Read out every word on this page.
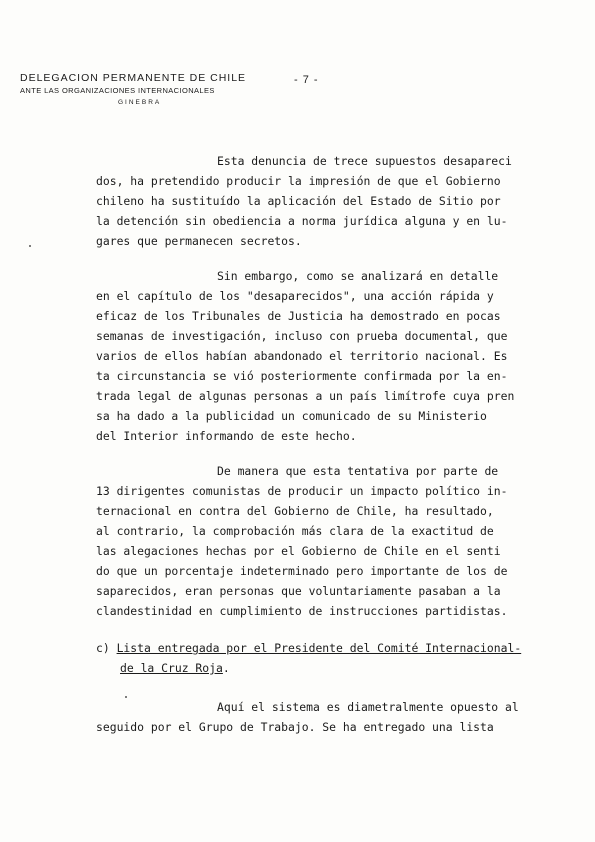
DELEGACION PERMANENTE DE CHILE
ANTE LAS ORGANIZACIONES INTERNACIONALES
GINEBRA
- 7 -
Esta denuncia de trece supuestos desapareci
dos, ha pretendido producir la impresión de que el Gobierno
chileno ha sustituído la aplicación del Estado de Sitio por
la detención sin obediencia a norma jurídica alguna y en lu-
gares que permanecen secretos.
Sin embargo, como se analizará en detalle
en el capítulo de los "desaparecidos", una acción rápida y
eficaz de los Tribunales de Justicia ha demostrado en pocas
semanas de investigación, incluso con prueba documental, que
varios de ellos habían abandonado el territorio nacional. Es
ta circunstancia se vió posteriormente confirmada por la en-
trada legal de algunas personas a un país limítrofe cuya pren
sa ha dado a la publicidad un comunicado de su Ministerio
del Interior informando de este hecho.
De manera que esta tentativa por parte de
13 dirigentes comunistas de producir un impacto político in-
ternacional en contra del Gobierno de Chile, ha resultado,
al contrario, la comprobación más clara de la exactitud de
las alegaciones hechas por el Gobierno de Chile en el senti
do que un porcentaje indeterminado pero importante de los de
saparecidos, eran personas que voluntariamente pasaban a la
clandestinidad en cumplimiento de instrucciones partidistas.
c) Lista entregada por el Presidente del Comité Internacional-
de la Cruz Roja.
Aquí el sistema es diametralmente opuesto al
seguido por el Grupo de Trabajo. Se ha entregado una lista
